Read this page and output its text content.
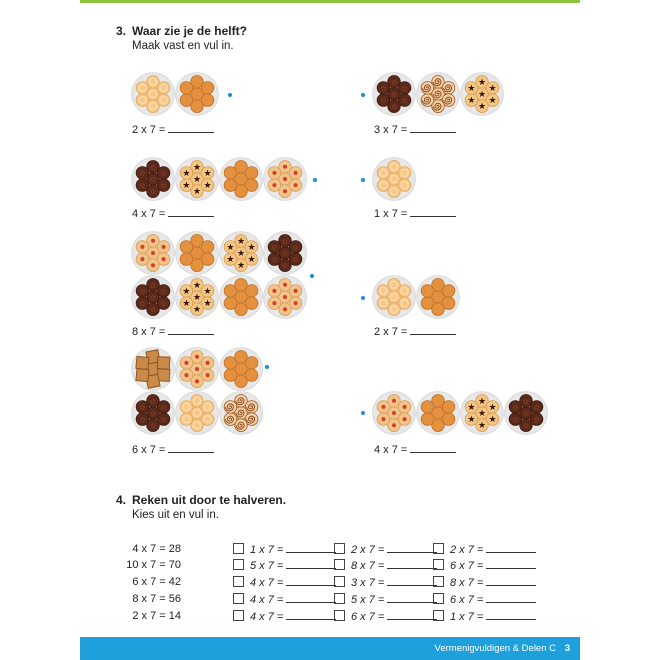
3. Waar zie je de helft?
Maak vast en vul in.
✿
✿
✿
✿
✿
✿
✿
★
★
★
★
★
★
★
✿
✿
✿
✿
✿
✿
✿
★
★
★
★
★
★
★
★
★
★
★
★
★
★
✿
✿
✿
✿
✿
✿
✿
✿
✿
✿
✿
✿
✿
✿
★
★
★
★
★
★
★
✿
✿
✿
✿
✿
✿
✿
★
★
★
★
★
★
★
✿
✿
✿
✿
✿
✿
✿
2 x 7 =
4 x 7 =
8 x 7 =
6 x 7 =
3 x 7 =
1 x 7 =
2 x 7 =
4 x 7 =
4. Reken uit door te halveren.
Kies uit en vul in.
4 x 7 = 28	1 x 7 =	2 x 7 =	2 x 7 =
10 x 7 = 70	5 x 7 =	8 x 7 =	6 x 7 =
6 x 7 = 42	4 x 7 =	3 x 7 =	8 x 7 =
8 x 7 = 56	4 x 7 =	5 x 7 =	6 x 7 =
2 x 7 = 14	4 x 7 =	6 x 7 =	1 x 7 =
Vermenigvuldigen & Delen C 3
